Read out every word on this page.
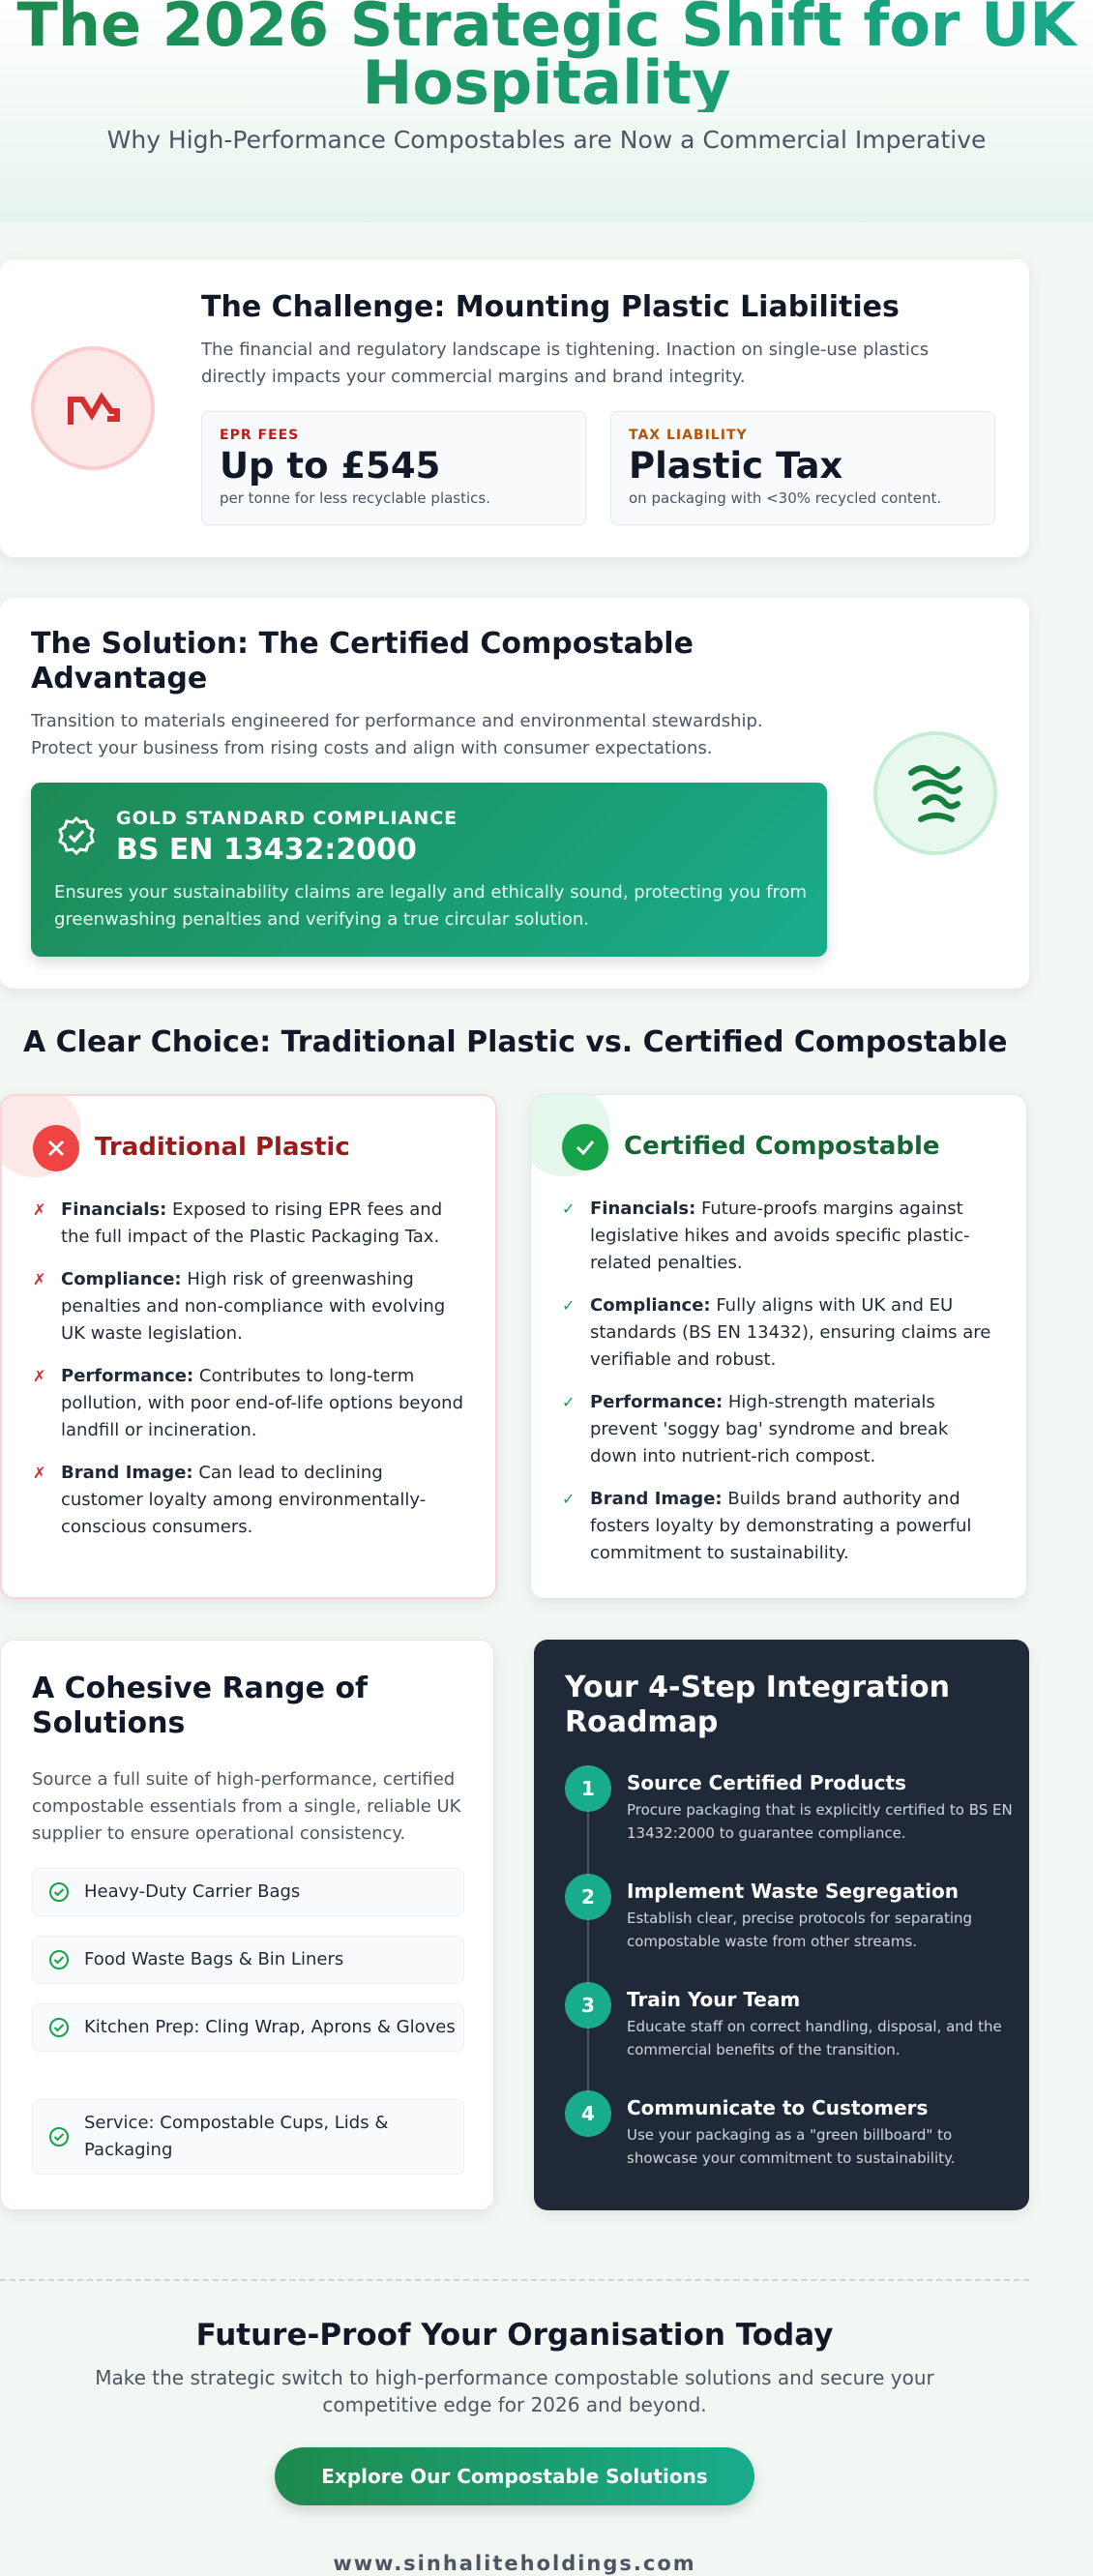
The 2026 Strategic Shift for UK Hospitality

Why High-Performance Compostables are Now a Commercial Imperative

The Challenge: Mounting Plastic Liabilities

The financial and regulatory landscape is tightening. Inaction on single-use plastics directly impacts your commercial margins and brand integrity.

EPR FEES
Up to £545
per tonne for less recyclable plastics.
TAX LIABILITY
Plastic Tax
on packaging with <30% recycled content.
The Solution: The Certified Compostable Advantage

Transition to materials engineered for performance and environmental stewardship. Protect your business from rising costs and align with consumer expectations.

GOLD STANDARD COMPLIANCE
BS EN 13432:2000

Ensures your sustainability claims are legally and ethically sound, protecting you from greenwashing penalties and verifying a true circular solution.

A Clear Choice: Traditional Plastic vs. Certified Compostable
Traditional Plastic
✗ Financials: Exposed to rising EPR fees and the full impact of the Plastic Packaging Tax.
✗ Compliance: High risk of greenwashing penalties and non-compliance with evolving UK waste legislation.
✗ Performance: Contributes to long-term pollution, with poor end-of-life options beyond landfill or incineration.
✗ Brand Image: Can lead to declining customer loyalty among environmentally-conscious consumers.
Certified Compostable
✓ Financials: Future-proofs margins against legislative hikes and avoids specific plastic-related penalties.
✓ Compliance: Fully aligns with UK and EU standards (BS EN 13432), ensuring claims are verifiable and robust.
✓ Performance: High-strength materials prevent 'soggy bag' syndrome and break down into nutrient-rich compost.
✓ Brand Image: Builds brand authority and fosters loyalty by demonstrating a powerful commitment to sustainability.
A Cohesive Range of Solutions

Source a full suite of high-performance, certified compostable essentials from a single, reliable UK supplier to ensure operational consistency.

Heavy-Duty Carrier Bags
Food Waste Bags & Bin Liners
Kitchen Prep: Cling Wrap, Aprons & Gloves
Service: Compostable Cups, Lids & Packaging
Your 4-Step Integration Roadmap
1	Source Certified Products
Procure packaging that is explicitly certified to BS EN 13432:2000 to guarantee compliance.
2	Implement Waste Segregation
Establish clear, precise protocols for separating compostable waste from other streams.
3	Train Your Team
Educate staff on correct handling, disposal, and the commercial benefits of the transition.
4	Communicate to Customers
Use your packaging as a "green billboard" to showcase your commitment to sustainability.
Future-Proof Your Organisation Today

Make the strategic switch to high-performance compostable solutions and secure your competitive edge for 2026 and beyond.

Explore Our Compostable Solutions
www.sinhaliteholdings.com
